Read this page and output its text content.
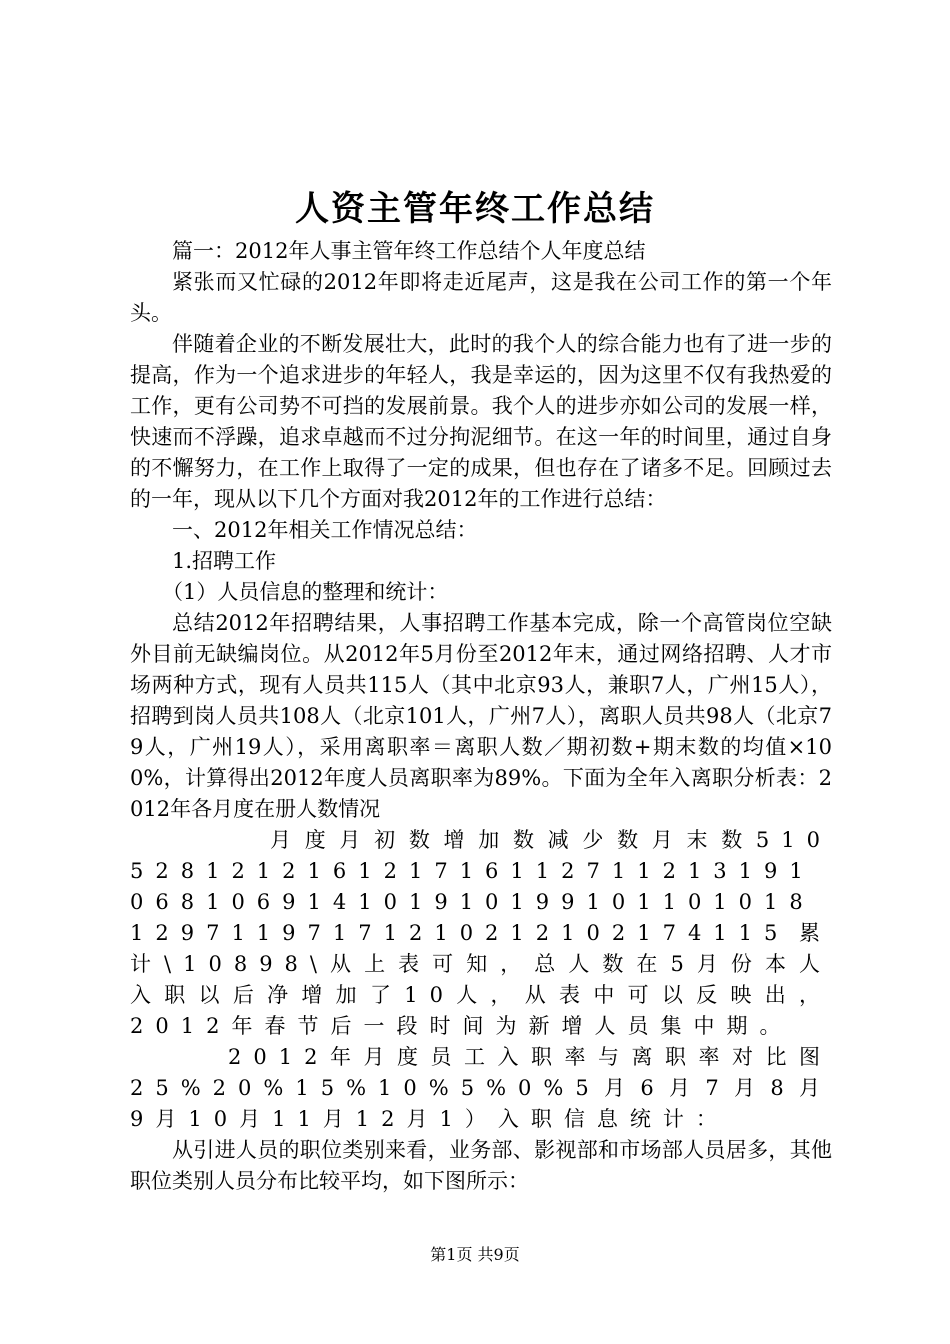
人资主管年终工作总结

篇一：2012年人事主管年终工作总结个人年度总结

紧张而又忙碌的2012年即将走近尾声，这是我在公司工作的第一个年头。

伴随着企业的不断发展壮大，此时的我个人的综合能力也有了进一步的提高，作为一个追求进步的年轻人，我是幸运的，因为这里不仅有我热爱的工作，更有公司势不可挡的发展前景。我个人的进步亦如公司的发展一样，快速而不浮躁，追求卓越而不过分拘泥细节。在这一年的时间里，通过自身的不懈努力，在工作上取得了一定的成果，但也存在了诸多不足。回顾过去的一年，现从以下几个方面对我2012年的工作进行总结：

一、2012年相关工作情况总结：

1.招聘工作

（1）人员信息的整理和统计：

总结2012年招聘结果，人事招聘工作基本完成，除一个高管岗位空缺外目前无缺编岗位。从2012年5月份至2012年末，通过网络招聘、人才市场两种方式，现有人员共115人（其中北京93人，兼职7人，广州15人），招聘到岗人员共108人（北京101人，广州7人），离职人员共98人（北京79人，广州19人），采用离职率＝离职人数／期初数+期末数的均值×100%，计算得出2012年度人员离职率为89%。下面为全年入离职分析表：2012年各月度在册人数情况

月度月初数增加数减少数月末数51052812121612171611271121319106810691410191019910110101812971197171210212102174115累计\10898\从上表可知，总人数在5月份本人入职以后净增加了10人，从表中可以反映出，2012年春节后一段时间为新增人员集中期。

2012年月度员工入职率与离职率对比图25%20%15%10%5%0%5月6月7月8月9月10月11月12月1）入职信息统计：

从引进人员的职位类别来看，业务部、影视部和市场部人员居多，其他职位类别人员分布比较平均，如下图所示：

第1页 共9页
